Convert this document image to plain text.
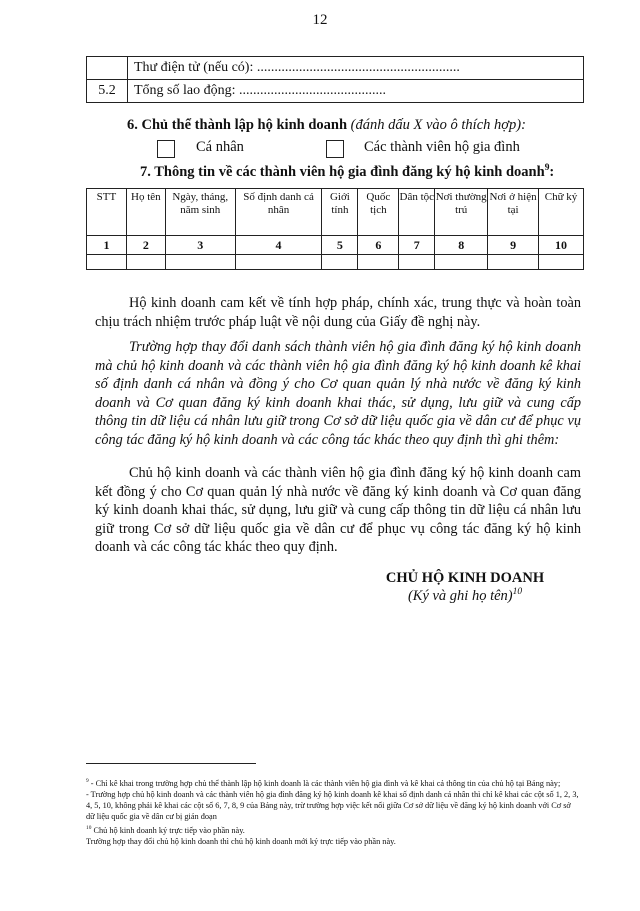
12
	Thư điện tử (nếu có): ..........................................................
5.2	Tổng số lao động: ..........................................
6. Chủ thể thành lập hộ kinh doanh (đánh dấu X vào ô thích hợp):
Cá nhân	Các thành viên hộ gia đình
7. Thông tin về các thành viên hộ gia đình đăng ký hộ kinh doanh$^9$:
STT	Họ tên	Ngày, tháng, năm sinh	Số định danh cá nhân	Giới tính	Quốc tịch	Dân tộc	Nơi thường trú	Nơi ở hiện tại	Chữ ký
1	2	3	4	5	6	7	8	9	10

Hộ kinh doanh cam kết về tính hợp pháp, chính xác, trung thực và hoàn toàn chịu trách nhiệm trước pháp luật về nội dung của Giấy đề nghị này.

Trường hợp thay đổi danh sách thành viên hộ gia đình đăng ký hộ kinh doanh mà chủ hộ kinh doanh và các thành viên hộ gia đình đăng ký hộ kinh doanh kê khai số định danh cá nhân và đồng ý cho Cơ quan quản lý nhà nước về đăng ký kinh doanh và Cơ quan đăng ký kinh doanh khai thác, sử dụng, lưu giữ và cung cấp thông tin dữ liệu cá nhân lưu giữ trong Cơ sở dữ liệu quốc gia về dân cư để phục vụ công tác đăng ký hộ kinh doanh và các công tác khác theo quy định thì ghi thêm:

Chủ hộ kinh doanh và các thành viên hộ gia đình đăng ký hộ kinh doanh cam kết đồng ý cho Cơ quan quản lý nhà nước về đăng ký kinh doanh và Cơ quan đăng ký kinh doanh khai thác, sử dụng, lưu giữ và cung cấp thông tin dữ liệu cá nhân lưu giữ trong Cơ sở dữ liệu quốc gia về dân cư để phục vụ công tác đăng ký hộ kinh doanh và các công tác khác theo quy định.

CHỦ HỘ KINH DOANH
(Ký và ghi họ tên)$^{10}$
$^9$ - Chỉ kê khai trong trường hợp chủ thể thành lập hộ kinh doanh là các thành viên hộ gia đình và kê khai cả thông tin của chủ hộ tại Bảng này;
- Trường hợp chủ hộ kinh doanh và các thành viên hộ gia đình đăng ký hộ kinh doanh kê khai số định danh cá nhân thì chỉ kê khai các cột số 1, 2, 3, 4, 5, 10, không phải kê khai các cột số 6, 7, 8, 9 của Bảng này, trừ trường hợp việc kết nối giữa Cơ sở dữ liệu về đăng ký hộ kinh doanh với Cơ sở dữ liệu quốc gia về dân cư bị gián đoạn
$^{10}$ Chủ hộ kinh doanh ký trực tiếp vào phần này.
Trường hợp thay đổi chủ hộ kinh doanh thì chủ hộ kinh doanh mới ký trực tiếp vào phần này.
